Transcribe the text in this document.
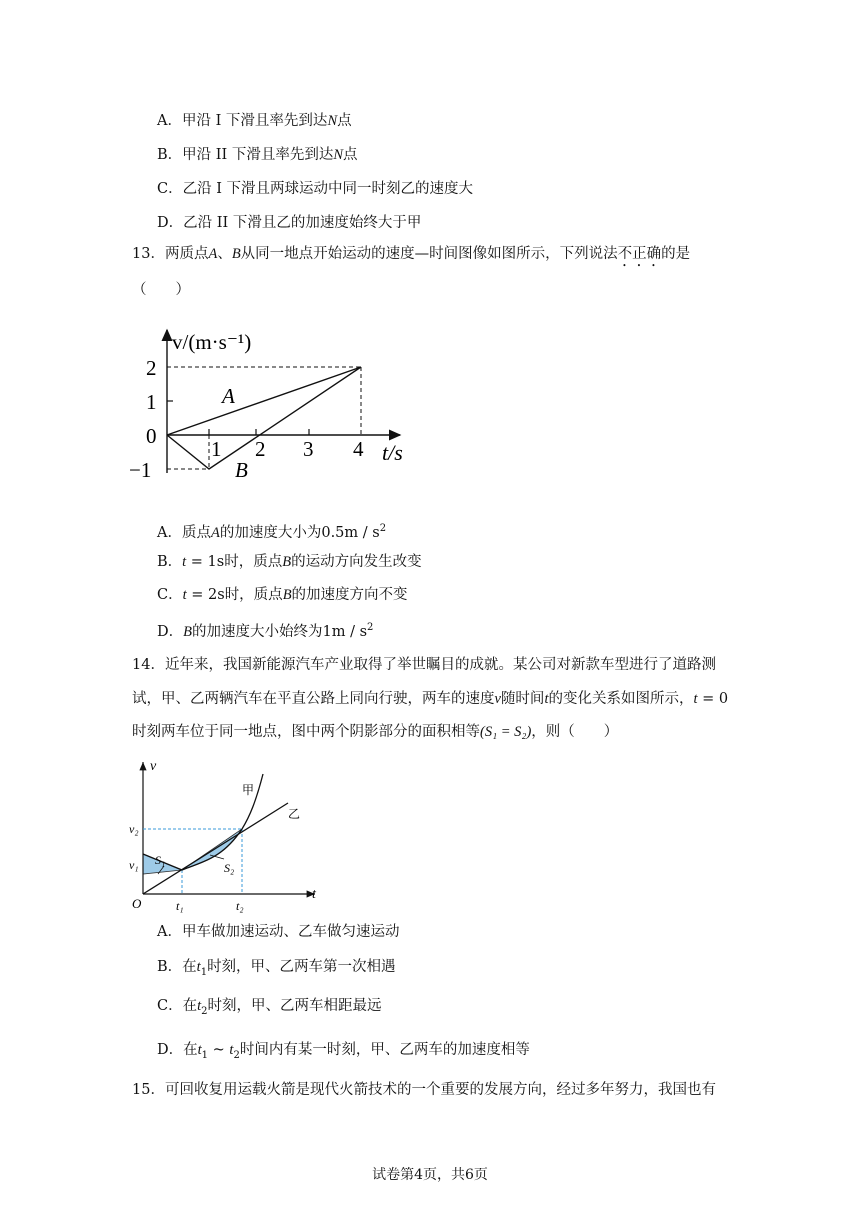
A．甲沿 I 下滑且率先到达N点
B．甲沿 II 下滑且率先到达N点
C．乙沿 I 下滑且两球运动中同一时刻乙的速度大
D．乙沿 II 下滑且乙的加速度始终大于甲
13．两质点A、B从同一地点开始运动的速度—时间图像如图所示，下列说法不正确的是
（　　）
v/(m·s⁻¹)
2
1
0
−1
1 2 3 4 t/s
A
B
A．质点A的加速度大小为$0.5m / s^2$
B．t = 1s时，质点B的运动方向发生改变
C．t = 2s时，质点B的加速度方向不变
D．B的加速度大小始终为$1m / s^2$
14．近年来，我国新能源汽车产业取得了举世瞩目的成就。某公司对新款车型进行了道路测
试，甲、乙两辆汽车在平直公路上同向行驶，两车的速度v随时间t的变化关系如图所示，t = 0
时刻两车位于同一地点，图中两个阴影部分的面积相等(S₁ = S₂)，则（　　）
v
t
O
v₂
v₁
t₁	t₂
S₁
S₂
甲
乙
A．甲车做加速运动、乙车做匀速运动
B．在$t_1$时刻，甲、乙两车第一次相遇
C．在$t_2$时刻，甲、乙两车相距最远
D．在$t_1$ ~ $t_2$时间内有某一时刻，甲、乙两车的加速度相等
15．可回收复用运载火箭是现代火箭技术的一个重要的发展方向，经过多年努力，我国也有
试卷第4页，共6页
